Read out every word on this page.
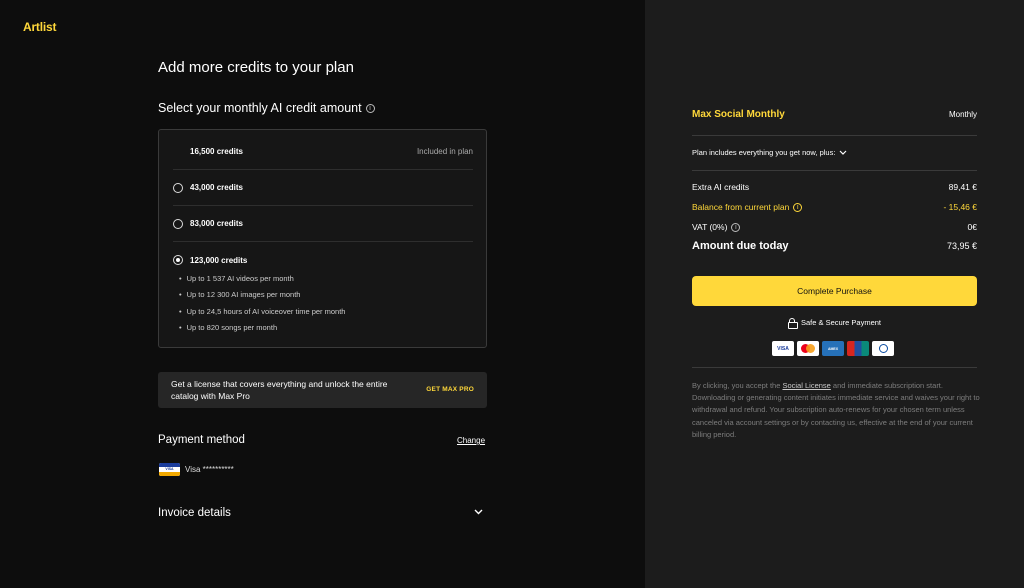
Artlist
Add more credits to your plan
Select your monthly AI credit amount	i
16,500 credits	Included in plan
43,000 credits
83,000 credits
123,000 credits
• Up to 1 537 AI videos per month
• Up to 12 300 AI images per month
• Up to 24,5 hours of AI voiceover time per month
• Up to 820 songs per month
Get a license that covers everything and unlock the entire catalog with Max Pro
GET MAX PRO
Payment method	Change
VISA	Visa **********
Invoice details
Max Social Monthly	Monthly
Plan includes everything you get now, plus:
Extra AI credits	89,41 €
Balance from current plan	i	- 15,46 €
VAT (0%)	i	0€
Amount due today	73,95 €
Complete Purchase
Safe & Secure Payment
VISA	AMEX
By clicking, you accept the Social License and immediate subscription start. Downloading or generating content initiates immediate service and waives your right to withdrawal and refund. Your subscription auto-renews for your chosen term unless canceled via account settings or by contacting us, effective at the end of your current billing period.
